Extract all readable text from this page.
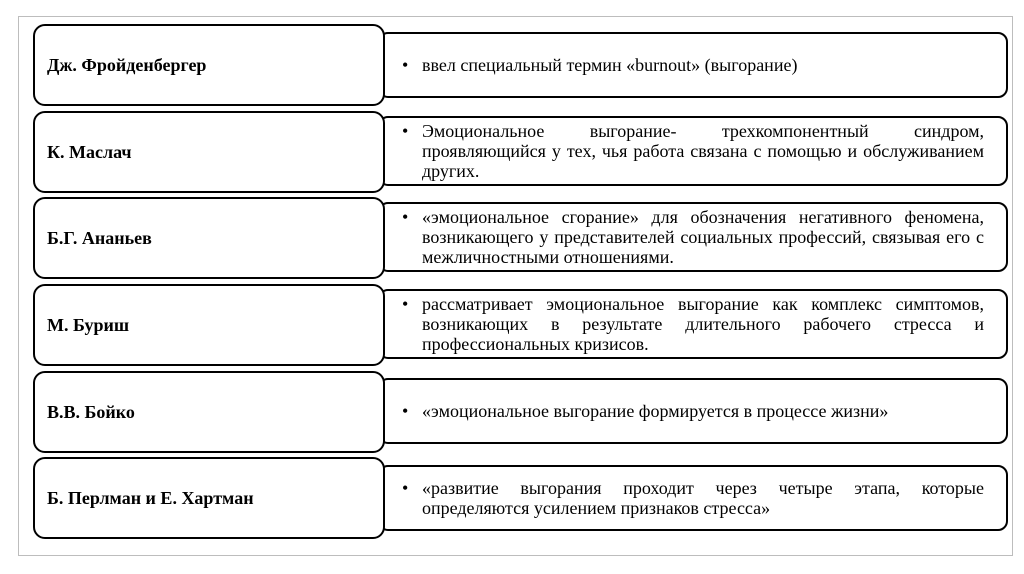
• ввел специальный термин «burnout» (выгорание)
Дж. Фройденбергер
• Эмоциональное выгорание- трехкомпонентный синдром, проявляющийся у тех, чья работа связана с помощью и обслуживанием других.
К. Маслач
• «эмоциональное сгорание» для обозначения негативного феномена, возникающего у представителей социальных профессий, связывая его с межличностными отношениями.
Б.Г. Ананьев
• рассматривает эмоциональное выгорание как комплекс симптомов, возникающих в результате длительного рабочего стресса и профессиональных кризисов.
М. Буриш
• «эмоциональное выгорание формируется в процессе жизни»
В.В. Бойко
• «развитие выгорания проходит через четыре этапа, которые определяются усилением признаков стресса»
Б. Перлман и Е. Хартман
